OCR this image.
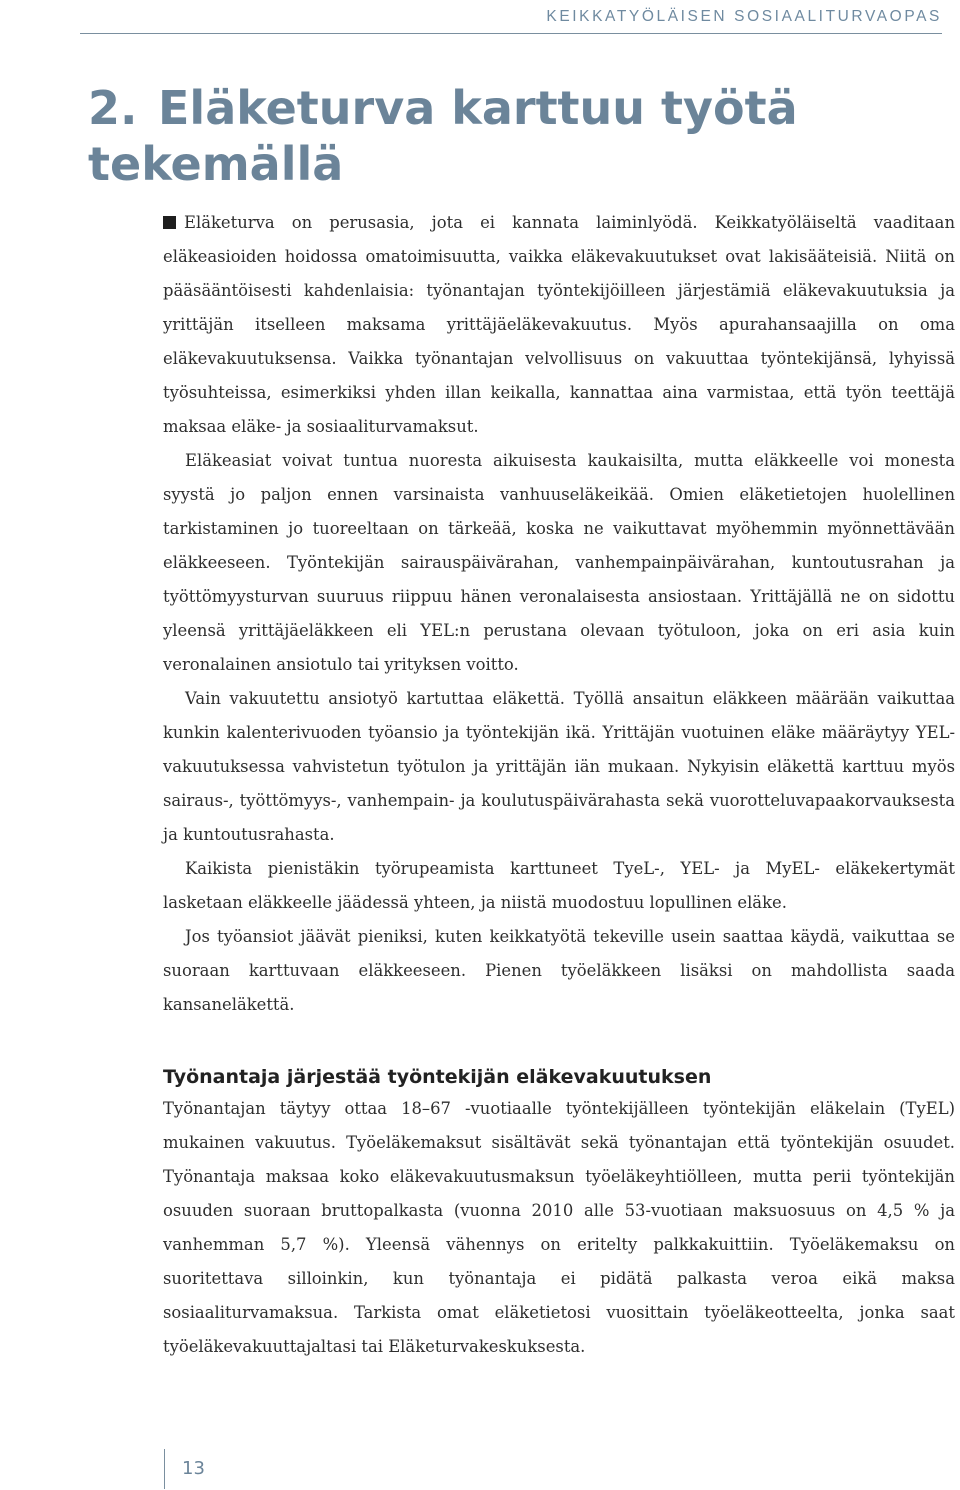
KEIKKATYÖLÄISEN SOSIAALITURVAOPAS
2. Eläketurva karttuu työtä tekemällä

Eläketurva on perusasia, jota ei kannata laiminlyödä. Keikkatyöläiseltä vaaditaan eläkeasioiden hoidossa omatoimisuutta, vaikka eläkevakuutukset ovat lakisääteisiä. Niitä on pääsääntöisesti kahdenlaisia: työnantajan työntekijöilleen järjestämiä eläkevakuutuksia ja yrittäjän itselleen maksama yrittäjäeläkevakuutus. Myös apurahansaajilla on oma eläkevakuutuksensa. Vaikka työnantajan velvollisuus on vakuuttaa työntekijänsä, lyhyissä työsuhteissa, esimerkiksi yhden illan keikalla, kannattaa aina varmistaa, että työn teettäjä maksaa eläke- ja sosiaaliturvamaksut.

Eläkeasiat voivat tuntua nuoresta aikuisesta kaukaisilta, mutta eläkkeelle voi monesta syystä jo paljon ennen varsinaista vanhuuseläkeikää. Omien eläketietojen huolellinen tarkistaminen jo tuoreeltaan on tärkeää, koska ne vaikuttavat myöhemmin myönnettävään eläkkeeseen. Työntekijän sairauspäivärahan, vanhempainpäivärahan, kuntoutusrahan ja työttömyysturvan suuruus riippuu hänen veronalaisesta ansiostaan. Yrittäjällä ne on sidottu yleensä yrittäjäeläkkeen eli YEL:n perustana olevaan työtuloon, joka on eri asia kuin veronalainen ansiotulo tai yrityksen voitto.

Vain vakuutettu ansiotyö kartuttaa eläkettä. Työllä ansaitun eläkkeen määrään vaikuttaa kunkin kalenterivuoden työansio ja työntekijän ikä. Yrittäjän vuotuinen eläke määräytyy YEL-vakuutuksessa vahvistetun työtulon ja yrittäjän iän mukaan. Nykyisin eläkettä karttuu myös sairaus-, työttömyys-, vanhempain- ja koulutuspäivärahasta sekä vuorotteluvapaakorvauksesta ja kuntoutusrahasta.

Kaikista pienistäkin työrupeamista karttuneet TyeL-, YEL- ja MyEL- eläkekertymät lasketaan eläkkeelle jäädessä yhteen, ja niistä muodostuu lopullinen eläke.

Jos työansiot jäävät pieniksi, kuten keikkatyötä tekeville usein saattaa käydä, vaikuttaa se suoraan karttuvaan eläkkeeseen. Pienen työeläkkeen lisäksi on mahdollista saada kansaneläkettä.

Työnantaja järjestää työntekijän eläkevakuutuksen

Työnantajan täytyy ottaa 18–67 -vuotiaalle työntekijälleen työntekijän eläkelain (TyEL) mukainen vakuutus. Työeläkemaksut sisältävät sekä työnantajan että työntekijän osuudet. Työnantaja maksaa koko eläkevakuutusmaksun työeläkeyhtiölleen, mutta perii työntekijän osuuden suoraan bruttopalkasta (vuonna 2010 alle 53-vuotiaan maksuosuus on 4,5 % ja vanhemman 5,7 %). Yleensä vähennys on eritelty palkkakuittiin. Työeläkemaksu on suoritettava silloinkin, kun työnantaja ei pidätä palkasta veroa eikä maksa sosiaaliturvamaksua. Tarkista omat eläketietosi vuosittain työeläkeotteelta, jonka saat työeläkevakuuttajaltasi tai Eläketurvakeskuksesta.

13
